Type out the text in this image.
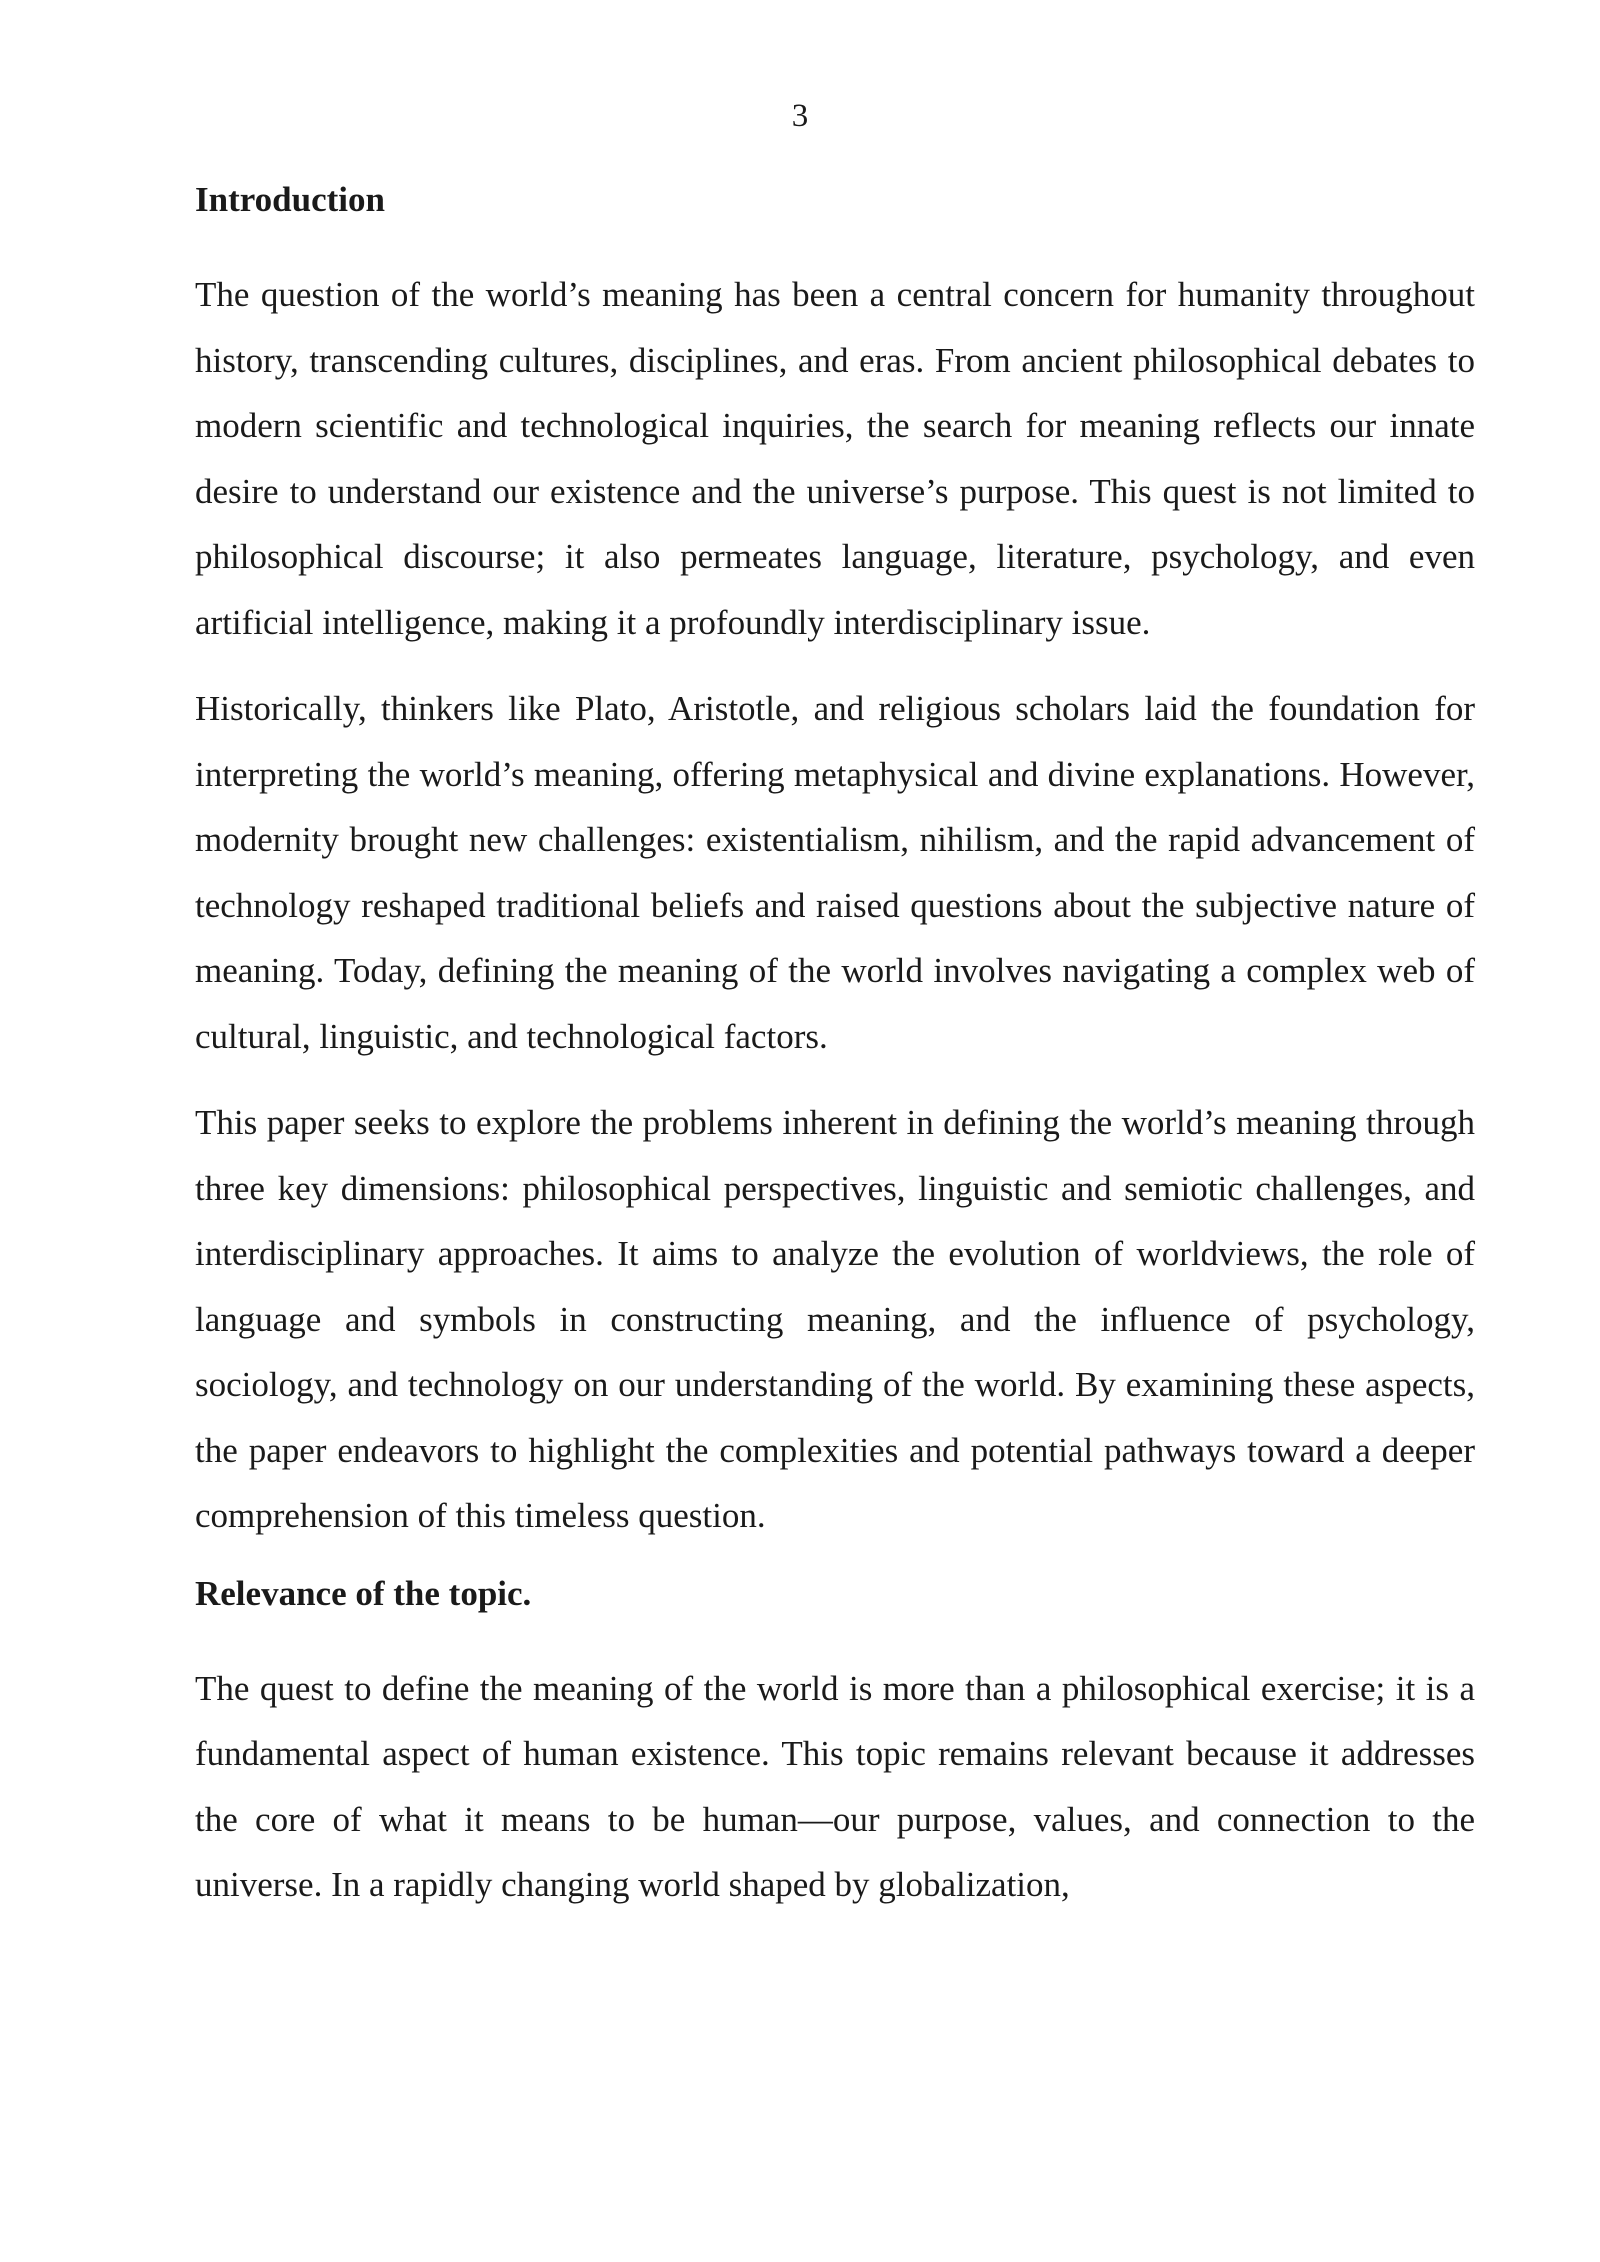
3
Introduction

The question of the world’s meaning has been a central concern for humanity throughout history, transcending cultures, disciplines, and eras. From ancient philosophical debates to modern scientific and technological inquiries, the search for meaning reflects our innate desire to understand our existence and the universe’s purpose. This quest is not limited to philosophical discourse; it also permeates language, literature, psychology, and even artificial intelligence, making it a profoundly interdisciplinary issue.

Historically, thinkers like Plato, Aristotle, and religious scholars laid the foundation for interpreting the world’s meaning, offering metaphysical and divine explanations. However, modernity brought new challenges: existentialism, nihilism, and the rapid advancement of technology reshaped traditional beliefs and raised questions about the subjective nature of meaning. Today, defining the meaning of the world involves navigating a complex web of cultural, linguistic, and technological factors.

This paper seeks to explore the problems inherent in defining the world’s meaning through three key dimensions: philosophical perspectives, linguistic and semiotic challenges, and interdisciplinary approaches. It aims to analyze the evolution of worldviews, the role of language and symbols in constructing meaning, and the influence of psychology, sociology, and technology on our understanding of the world. By examining these aspects, the paper endeavors to highlight the complexities and potential pathways toward a deeper comprehension of this timeless question.

Relevance of the topic.

The quest to define the meaning of the world is more than a philosophical exercise; it is a fundamental aspect of human existence. This topic remains relevant because it addresses the core of what it means to be human—our purpose, values, and connection to the universe. In a rapidly changing world shaped by globalization,
